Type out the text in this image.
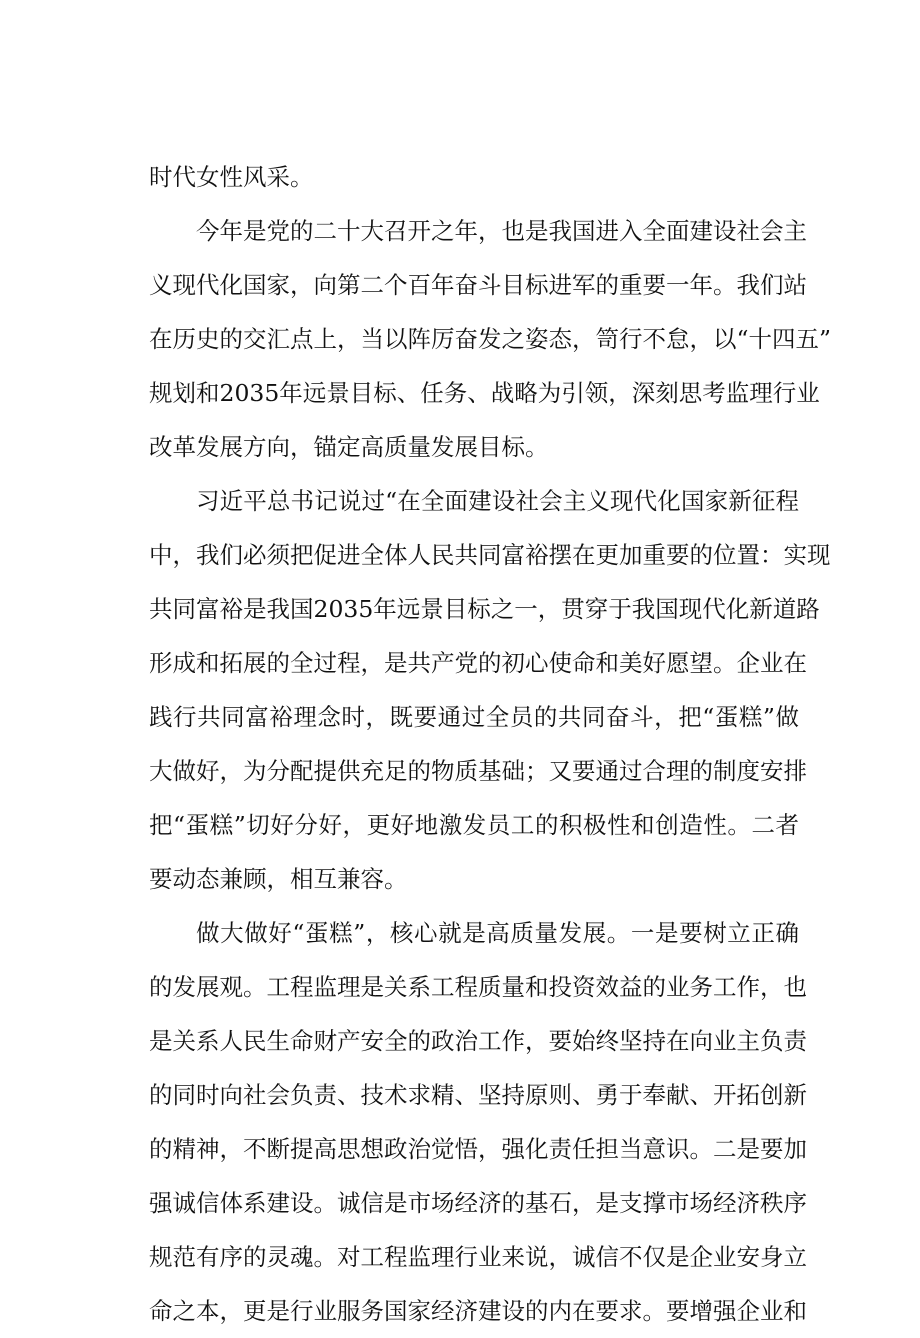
时代女性风采。
今年是党的二十大召开之年，也是我国进入全面建设社会主
义现代化国家，向第二个百年奋斗目标进军的重要一年。我们站
在历史的交汇点上，当以阵厉奋发之姿态，笥行不怠，以“十四五”
规划和2035年远景目标、任务、战略为引领，深刻思考监理行业
改革发展方向，锚定高质量发展目标。
习近平总书记说过“在全面建设社会主义现代化国家新征程
中，我们必须把促进全体人民共同富裕摆在更加重要的位置：实现
共同富裕是我国2035年远景目标之一，贯穿于我国现代化新道路
形成和拓展的全过程，是共产党的初心使命和美好愿望。企业在
践行共同富裕理念时，既要通过全员的共同奋斗，把“蛋糕”做
大做好，为分配提供充足的物质基础；又要通过合理的制度安排
把“蛋糕”切好分好，更好地激发员工的积极性和创造性。二者
要动态兼顾，相互兼容。
做大做好“蛋糕”，核心就是高质量发展。一是要树立正确
的发展观。工程监理是关系工程质量和投资效益的业务工作，也
是关系人民生命财产安全的政治工作，要始终坚持在向业主负责
的同时向社会负责、技术求精、坚持原则、勇于奉献、开拓创新
的精神，不断提高思想政治觉悟，强化责任担当意识。二是要加
强诚信体系建设。诚信是市场经济的基石，是支撑市场经济秩序
规范有序的灵魂。对工程监理行业来说，诚信不仅是企业安身立
命之本，更是行业服务国家经济建设的内在要求。要增强企业和
